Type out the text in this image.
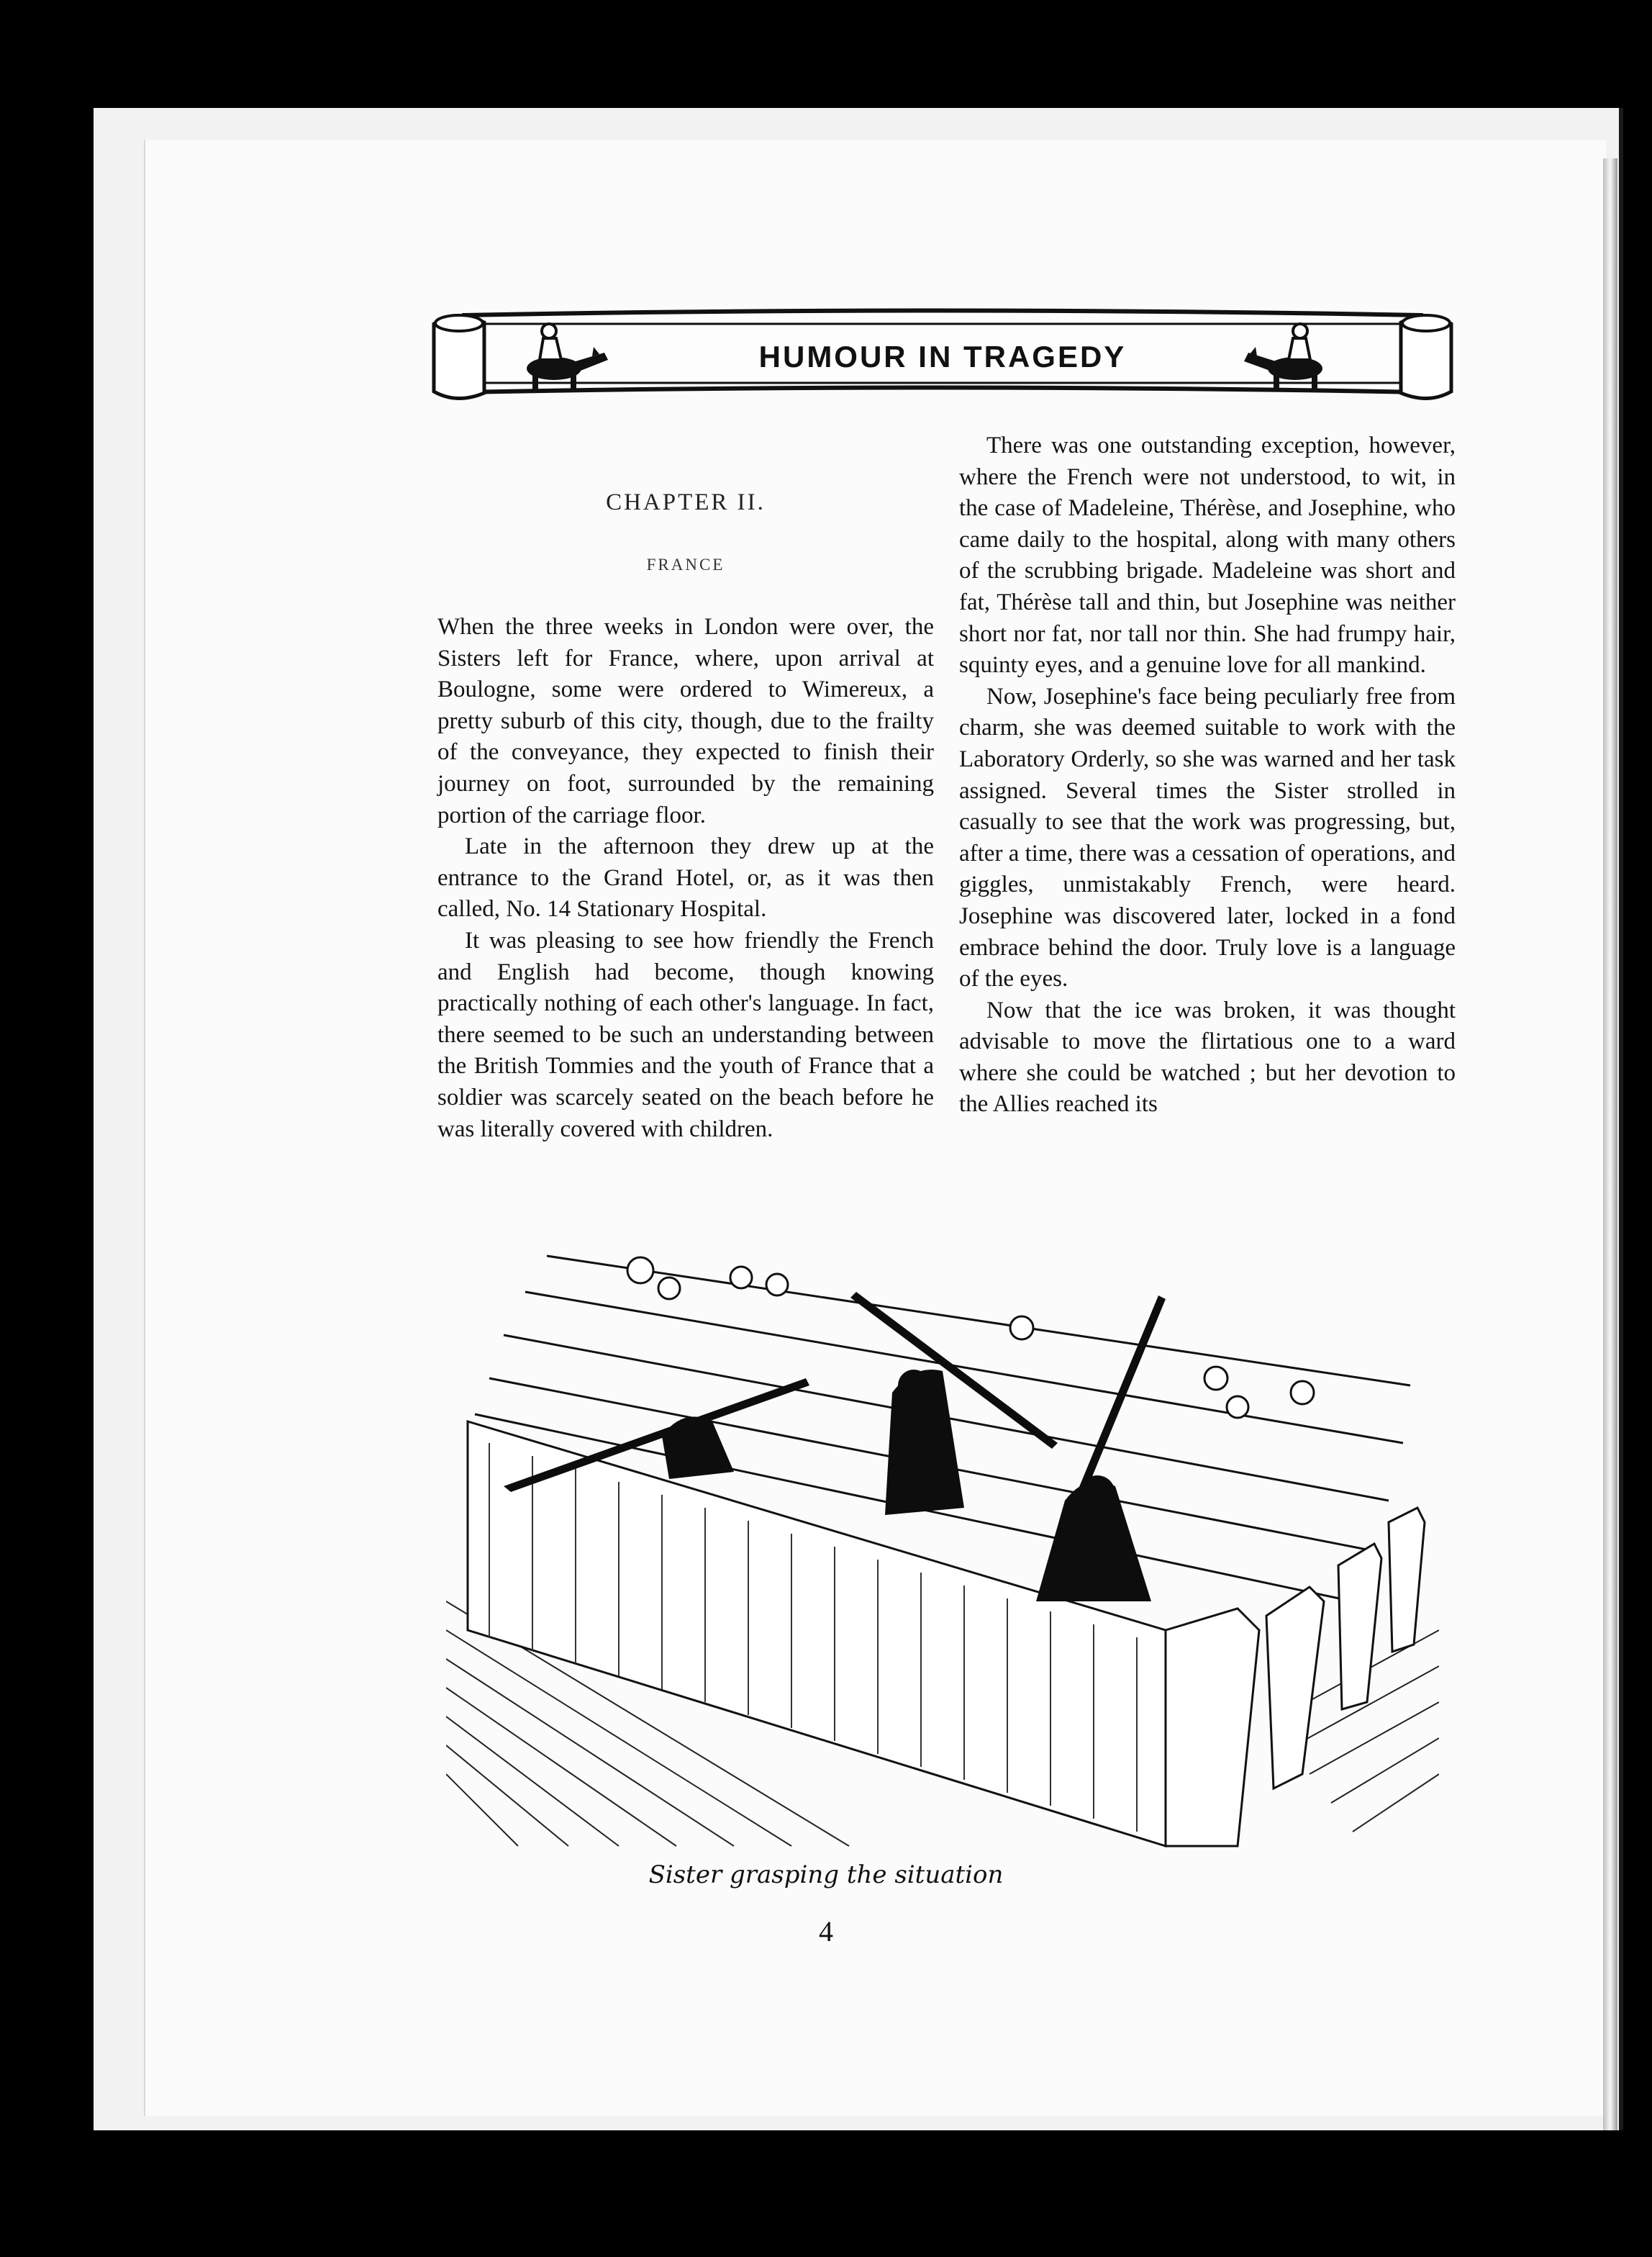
HUMOUR IN TRAGEDY
CHAPTER II.
FRANCE

When the three weeks in London were over, the Sisters left for France, where, upon arrival at Boulogne, some were ordered to Wimereux, a pretty suburb of this city, though, due to the frailty of the conveyance, they expected to finish their journey on foot, surrounded by the remaining portion of the carriage floor.

Late in the afternoon they drew up at the entrance to the Grand Hotel, or, as it was then called, No. 14 Stationary Hospital.

It was pleasing to see how friendly the French and English had become, though knowing practically nothing of each other's language. In fact, there seemed to be such an understanding between the British Tommies and the youth of France that a soldier was scarcely seated on the beach before he was literally covered with children.

There was one outstanding exception, however, where the French were not understood, to wit, in the case of Madeleine, Thérèse, and Josephine, who came daily to the hospital, along with many others of the scrubbing brigade. Madeleine was short and fat, Thérèse tall and thin, but Josephine was neither short nor fat, nor tall nor thin. She had frumpy hair, squinty eyes, and a genuine love for all mankind.

Now, Josephine's face being peculiarly free from charm, she was deemed suitable to work with the Laboratory Orderly, so she was warned and her task assigned. Several times the Sister strolled in casually to see that the work was progressing, but, after a time, there was a cessation of operations, and giggles, unmistakably French, were heard. Josephine was discovered later, locked in a fond embrace behind the door. Truly love is a language of the eyes.

Now that the ice was broken, it was thought advisable to move the flirtatious one to a ward where she could be watched ; but her devotion to the Allies reached its

Sister grasping the situation
4
